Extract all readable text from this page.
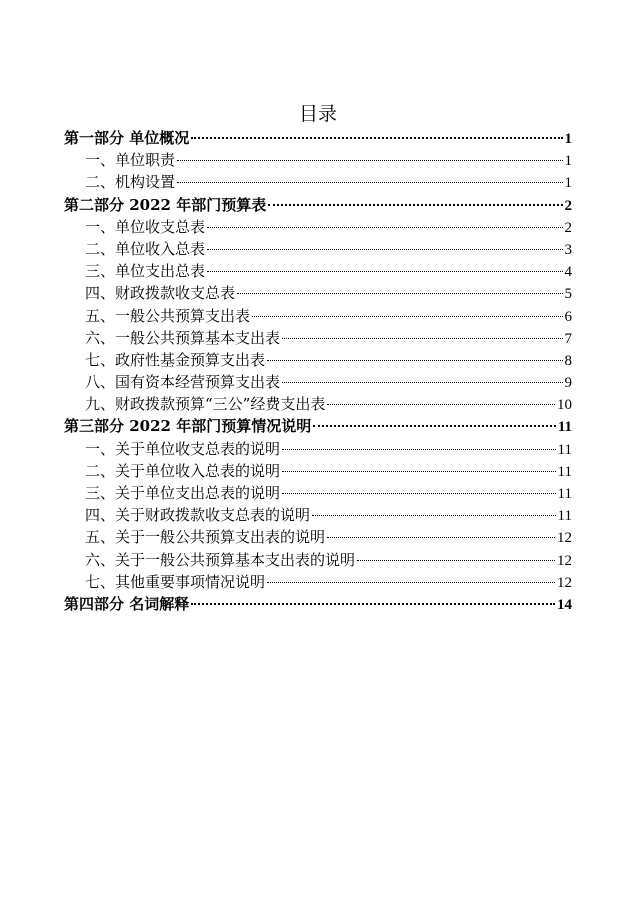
目录
第一部分 单位概况	1
一、单位职责	1
二、机构设置	1
第二部分 2022 年部门预算表	2
一、单位收支总表	2
二、单位收入总表	3
三、单位支出总表	4
四、财政拨款收支总表	5
五、一般公共预算支出表	6
六、一般公共预算基本支出表	7
七、政府性基金预算支出表	8
八、国有资本经营预算支出表	9
九、财政拨款预算“三公”经费支出表	10
第三部分 2022 年部门预算情况说明	11
一、关于单位收支总表的说明	11
二、关于单位收入总表的说明	11
三、关于单位支出总表的说明	11
四、关于财政拨款收支总表的说明	11
五、关于一般公共预算支出表的说明	12
六、关于一般公共预算基本支出表的说明	12
七、其他重要事项情况说明	12
第四部分 名词解释	14
